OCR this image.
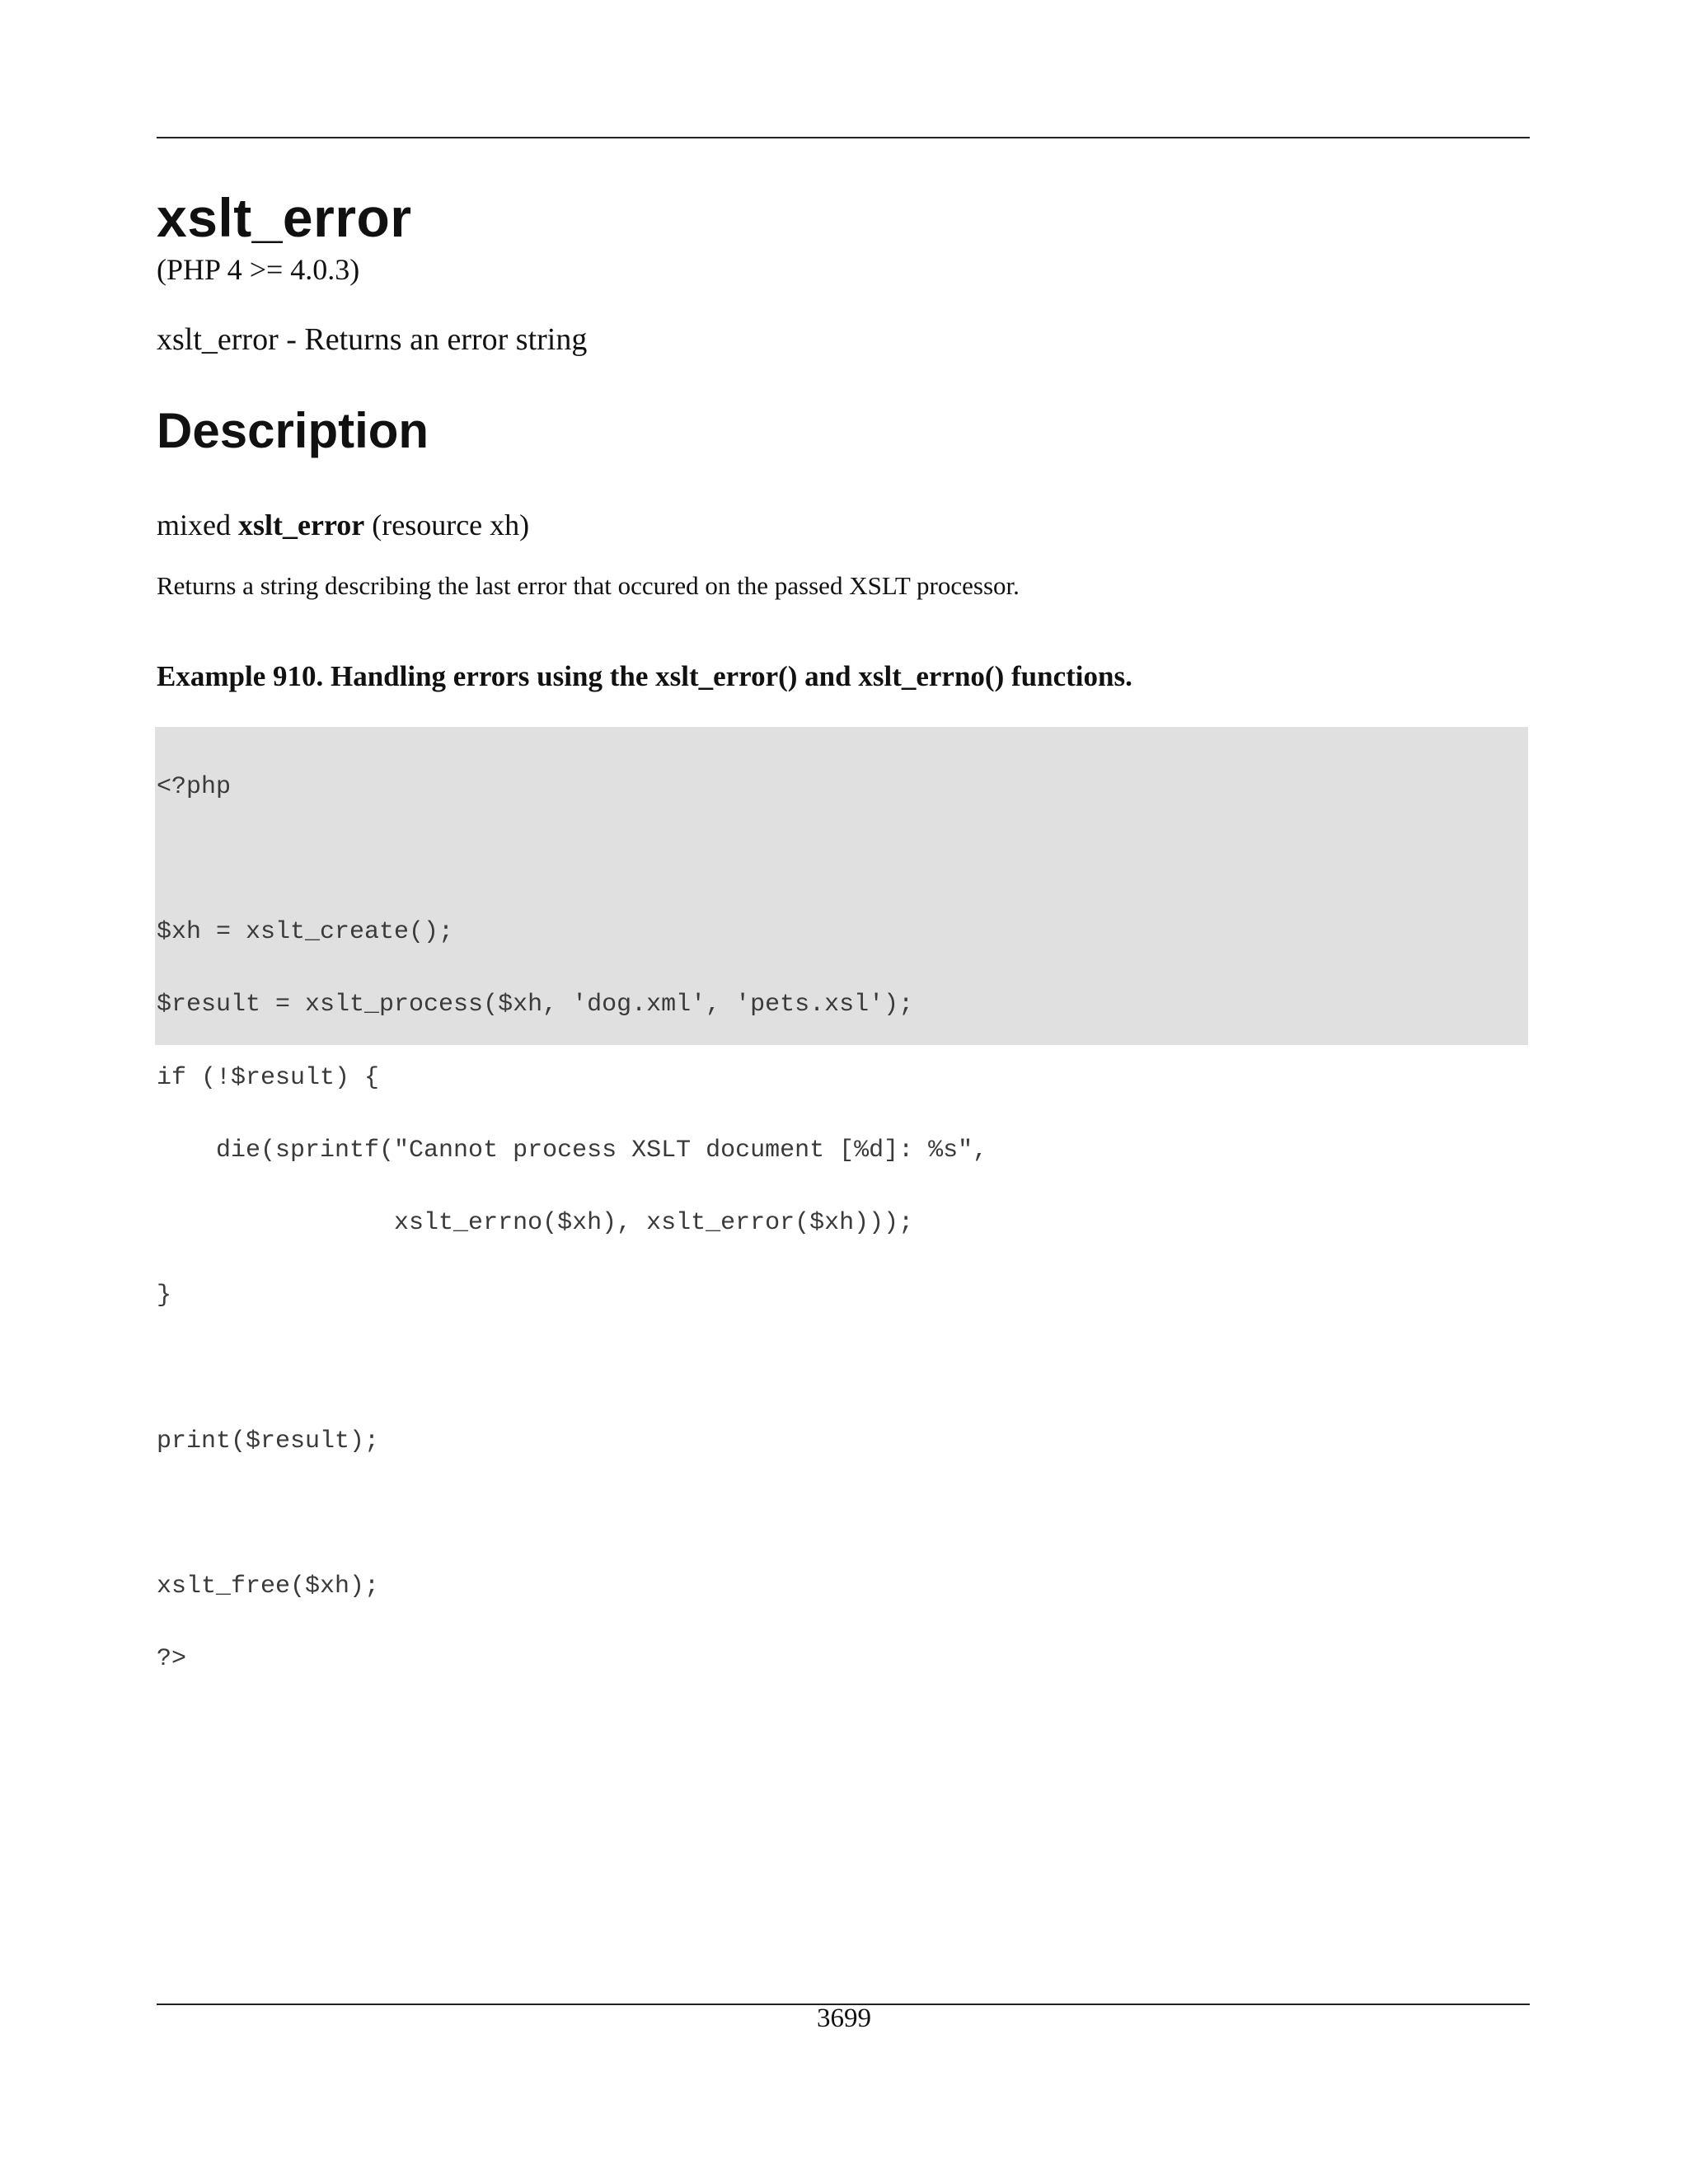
xslt_error
(PHP 4 >= 4.0.3)
xslt_error - Returns an error string
Description
mixed xslt_error (resource xh)
Returns a string describing the last error that occured on the passed XSLT processor.
Example 910. Handling errors using the xslt_error() and xslt_errno() functions.

<?php

$xh = xslt_create();

$result = xslt_process($xh, 'dog.xml', 'pets.xsl');

if (!$result) {

die(sprintf("Cannot process XSLT document [%d]: %s",

xslt_errno($xh), xslt_error($xh)));

}

print($result);

xslt_free($xh);

?>

3699
